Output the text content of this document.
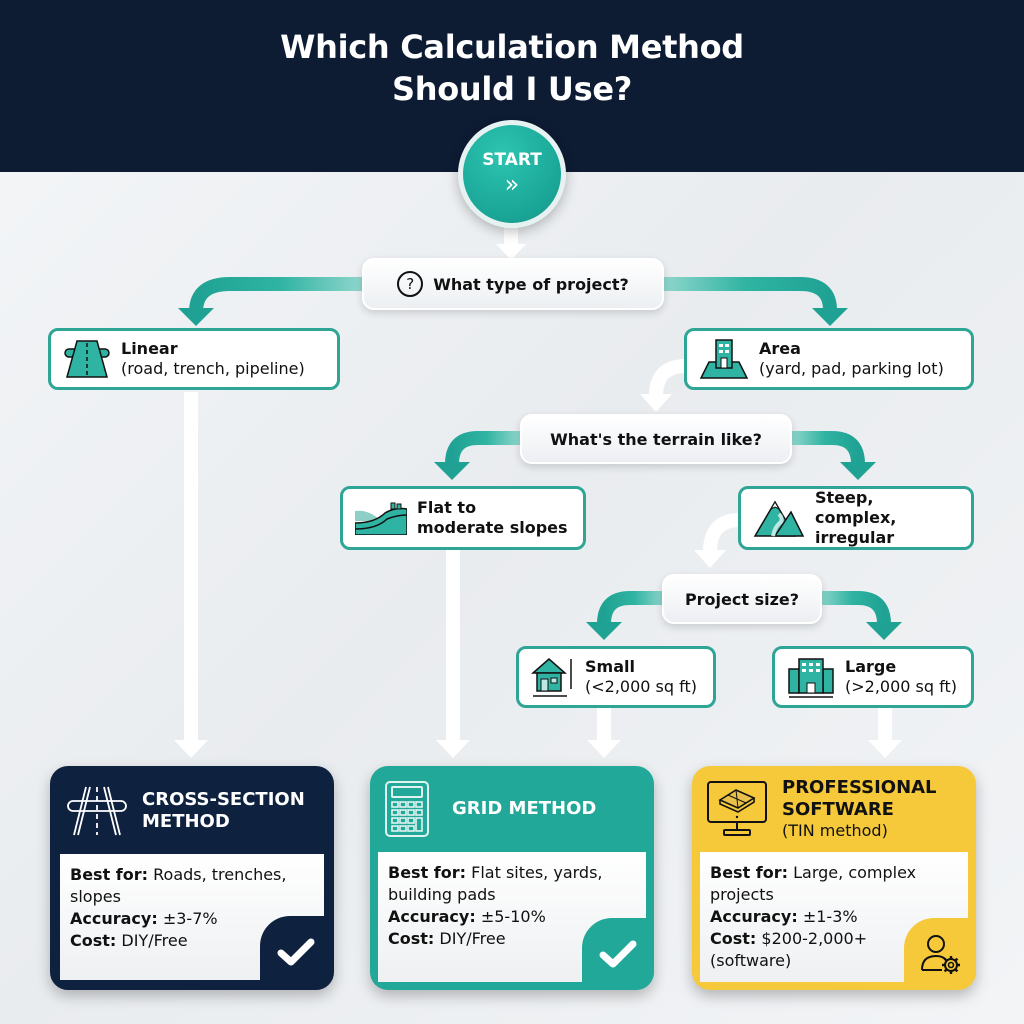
Which Calculation Method
Should I Use?
START
»
?	What type of project?
Linear
(road, trench, pipeline)
Area
(yard, pad, parking lot)
What's the terrain like?
Flat to
moderate slopes
Steep, complex,
irregular
Project size?
Small
(<2,000 sq ft)
Large
(>2,000 sq ft)
CROSS-SECTION
METHOD

Best for: Roads, trenches, slopes

Accuracy: ±3-7%

Cost: DIY/Free

GRID METHOD

Best for: Flat sites, yards, building pads

Accuracy: ±5-10%

Cost: DIY/Free

PROFESSIONAL
SOFTWARE
(TIN method)

Best for: Large, complex projects

Accuracy: ±1-3%

Cost: $200-2,000+ (software)
